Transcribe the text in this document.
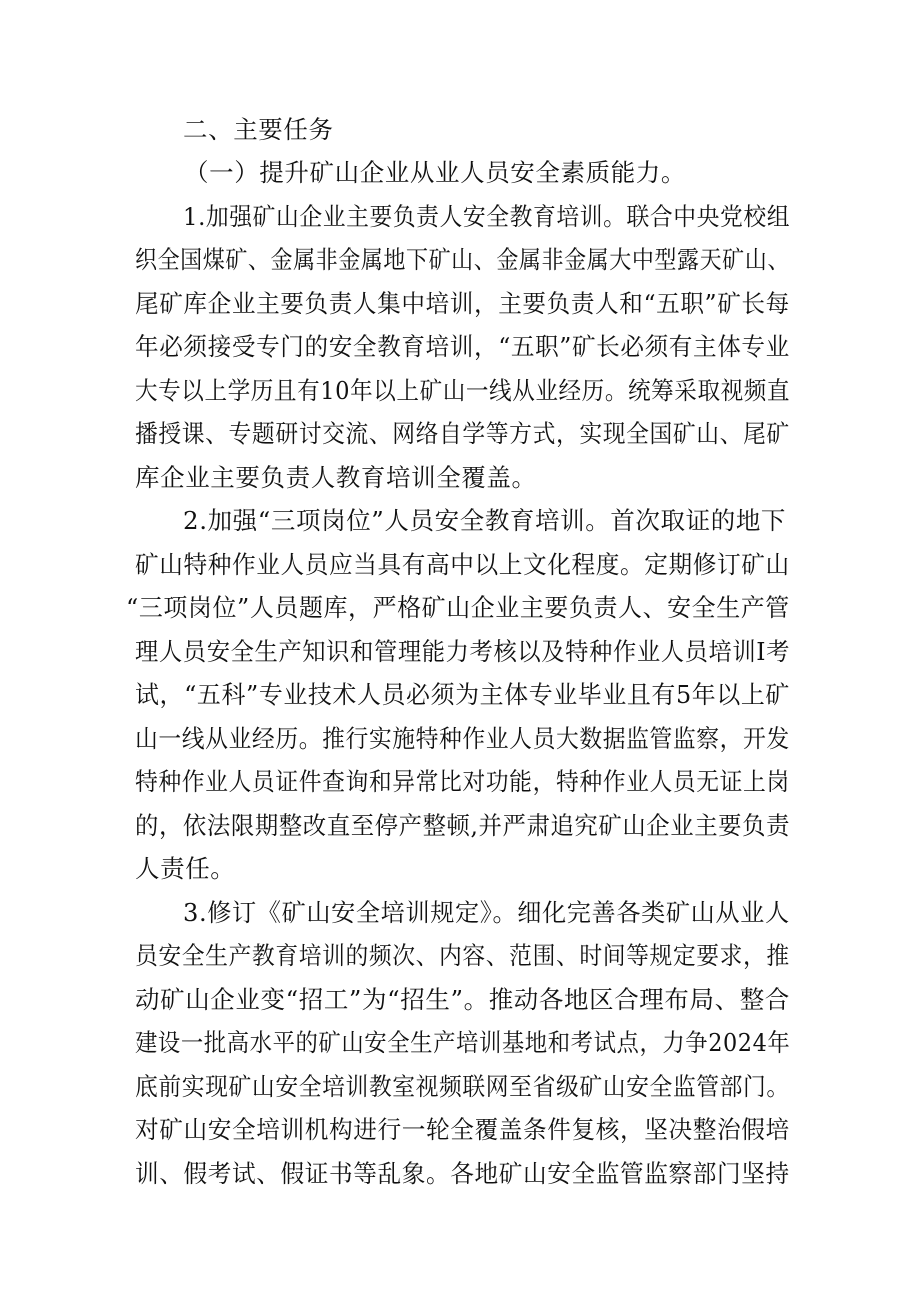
二、主要任务
（一）提升矿山企业从业人员安全素质能力。
1.加强矿山企业主要负责人安全教育培训。联合中央党校组
织全国煤矿、金属非金属地下矿山、金属非金属大中型露天矿山、
尾矿库企业主要负责人集中培训，主要负责人和“五职”矿长每
年必须接受专门的安全教育培训，“五职”矿长必须有主体专业
大专以上学历且有10年以上矿山一线从业经历。统筹采取视频直
播授课、专题研讨交流、网络自学等方式，实现全国矿山、尾矿
库企业主要负责人教育培训全覆盖。
2.加强“三项岗位”人员安全教育培训。首次取证的地下
矿山特种作业人员应当具有高中以上文化程度。定期修订矿山
“三项岗位”人员题库，严格矿山企业主要负责人、安全生产管
理人员安全生产知识和管理能力考核以及特种作业人员培训I考
试，“五科”专业技术人员必须为主体专业毕业且有5年以上矿
山一线从业经历。推行实施特种作业人员大数据监管监察，开发
特种作业人员证件查询和异常比对功能，特种作业人员无证上岗
的，依法限期整改直至停产整顿,并严肃追究矿山企业主要负责
人责任。
3.修订《矿山安全培训规定》。细化完善各类矿山从业人
员安全生产教育培训的频次、内容、范围、时间等规定要求，推
动矿山企业变“招工”为“招生”。推动各地区合理布局、整合
建设一批高水平的矿山安全生产培训基地和考试点，力争2024年
底前实现矿山安全培训教室视频联网至省级矿山安全监管部门。
对矿山安全培训机构进行一轮全覆盖条件复核，坚决整治假培
训、假考试、假证书等乱象。各地矿山安全监管监察部门坚持
